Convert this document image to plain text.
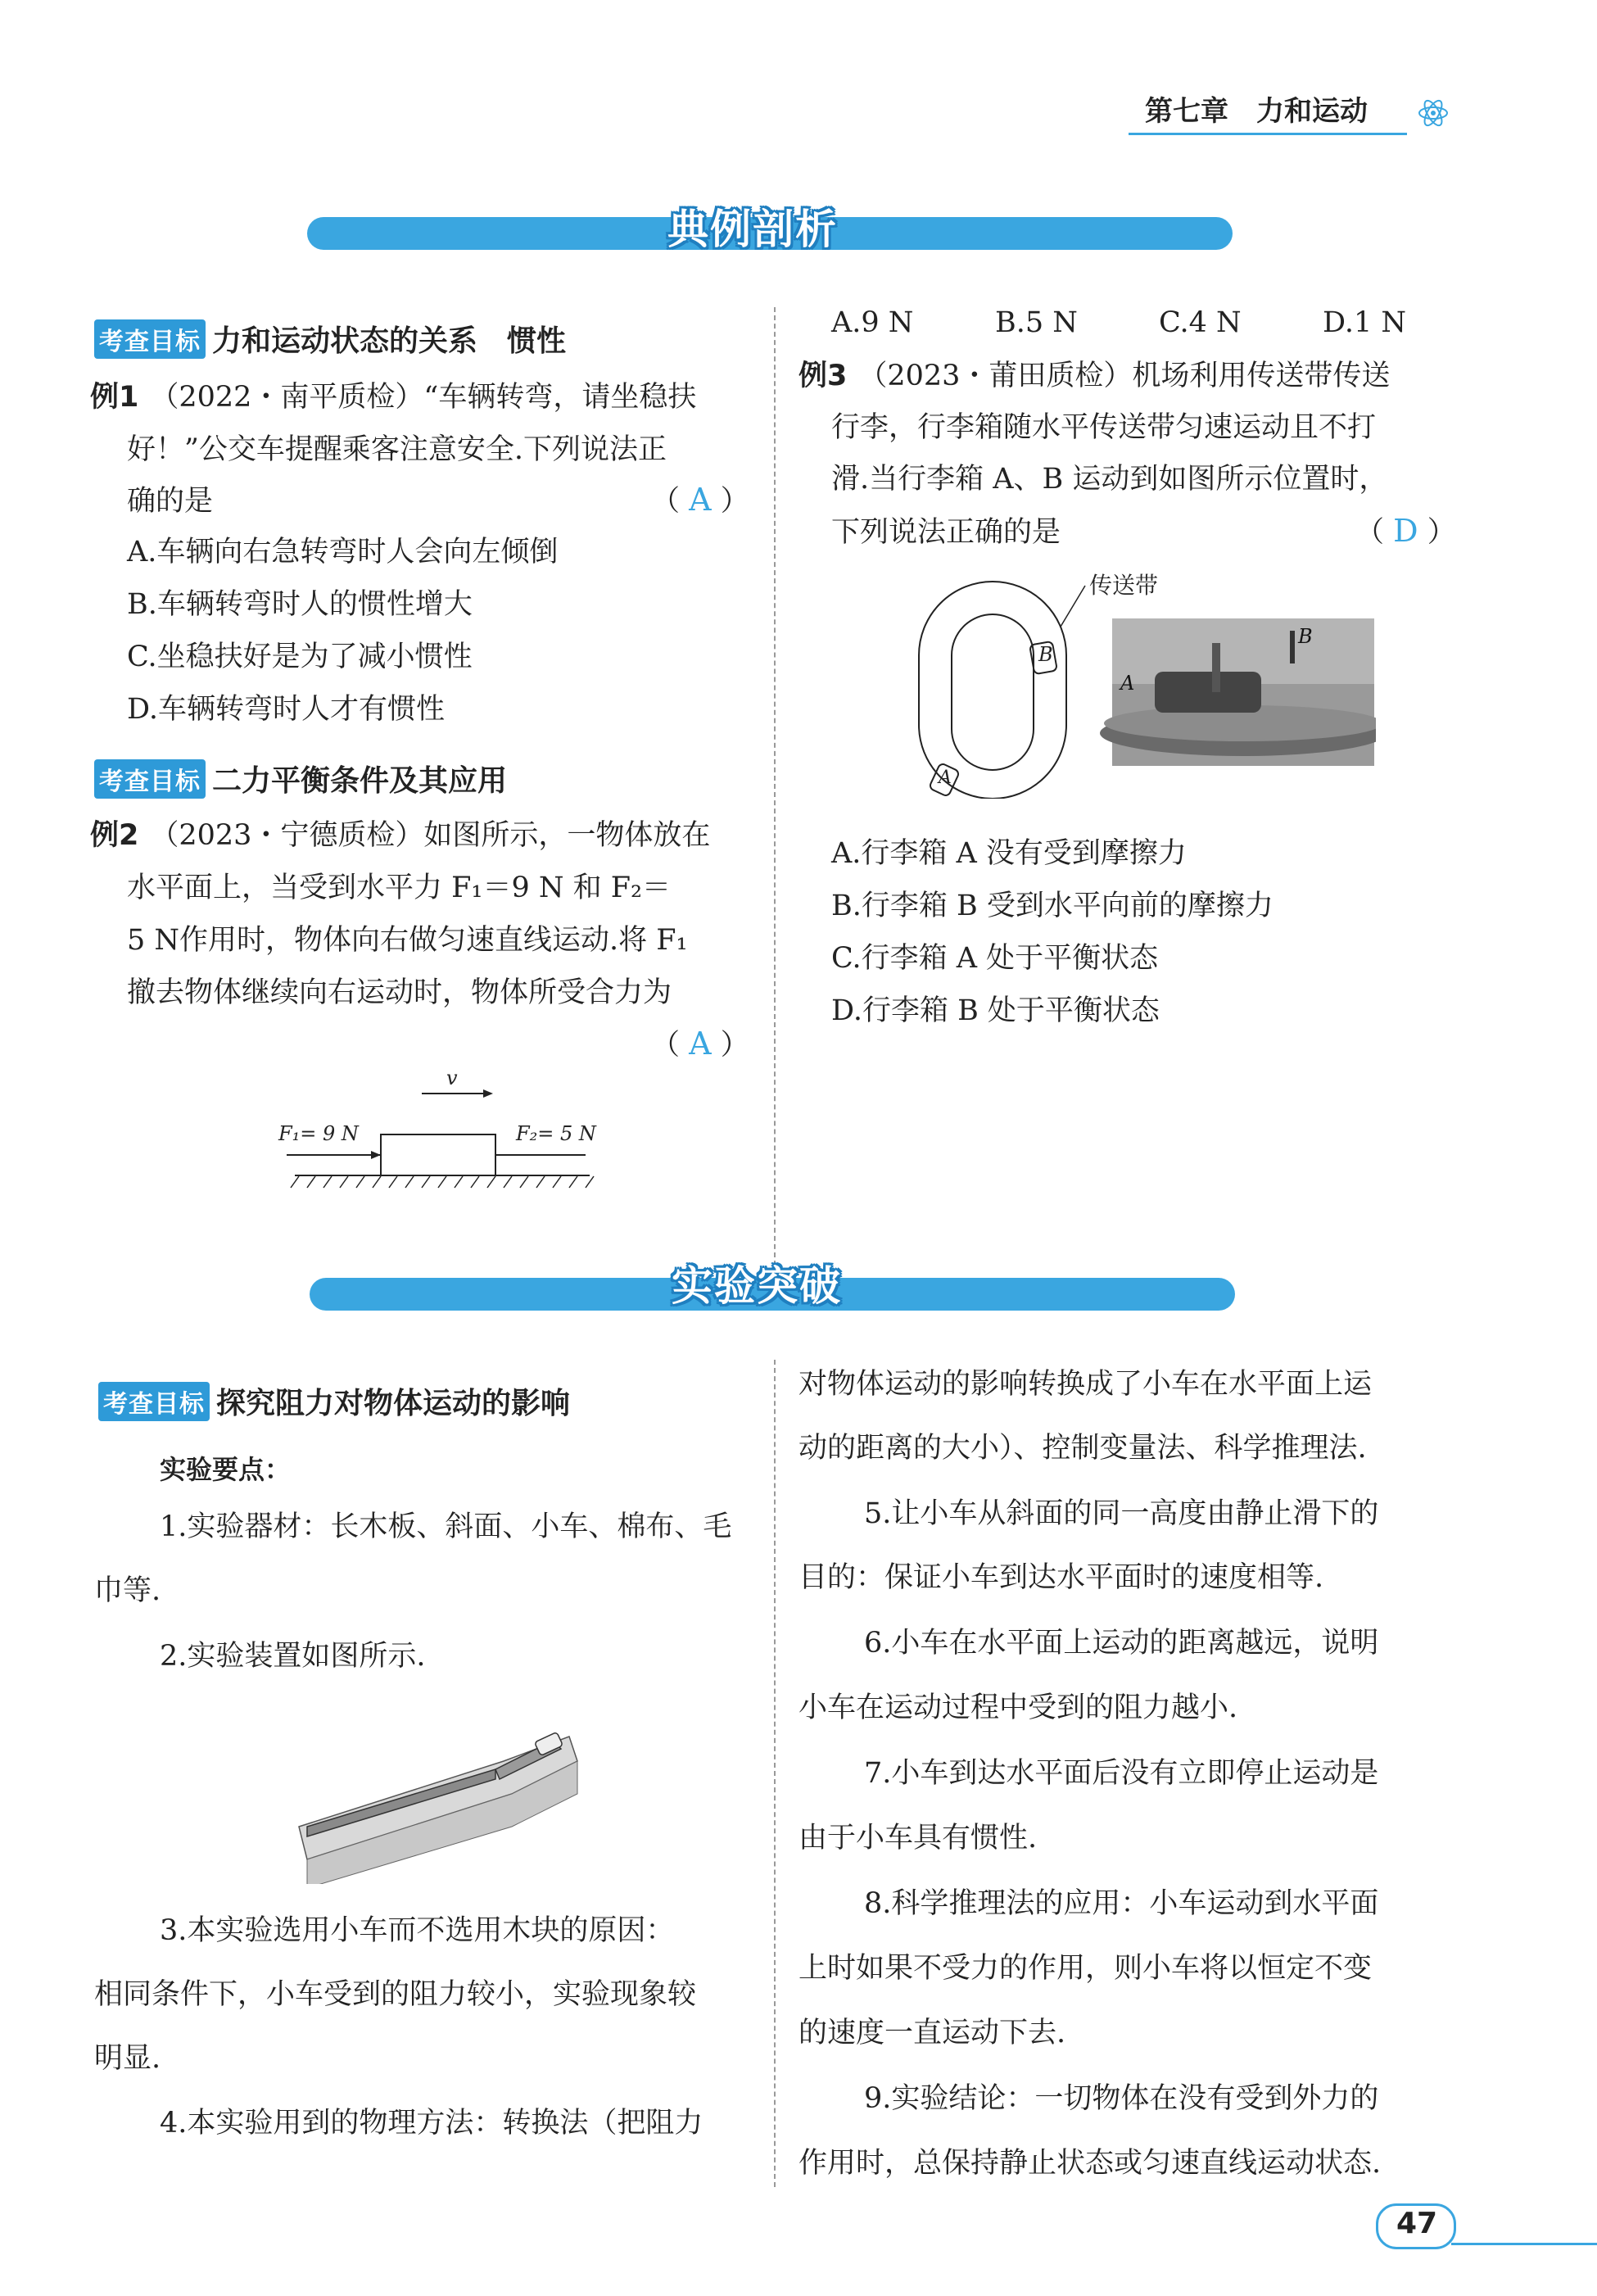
第七章　力和运动
典例剖析
考查目标 力和运动状态的关系　惯性
例1 （2022・南平质检）“车辆转弯，请坐稳扶
好！”公交车提醒乘客注意安全.下列说法正
确的是	（ A ）
A.车辆向右急转弯时人会向左倾倒
B.车辆转弯时人的惯性增大
C.坐稳扶好是为了减小惯性
D.车辆转弯时人才有惯性
考查目标 二力平衡条件及其应用
例2 （2023・宁德质检）如图所示，一物体放在
水平面上，当受到水平力 F₁＝9 N 和 F₂＝
5 N作用时，物体向右做匀速直线运动.将 F₁
撤去物体继续向右运动时，物体所受合力为
（ A ）
v
F₁= 9 N	F₂= 5 N
A.9 N	B.5 N	C.4 N	D.1 N
例3 （2023・莆田质检）机场利用传送带传送
行李，行李箱随水平传送带匀速运动且不打
滑.当行李箱 A、B 运动到如图所示位置时，
下列说法正确的是	（ D ）
传送带
B
A
B
A
A.行李箱 A 没有受到摩擦力
B.行李箱 B 受到水平向前的摩擦力
C.行李箱 A 处于平衡状态
D.行李箱 B 处于平衡状态
实验突破
考查目标 探究阻力对物体运动的影响
实验要点：
1.实验器材：长木板、斜面、小车、棉布、毛
巾等.
2.实验装置如图所示.
3.本实验选用小车而不选用木块的原因：
相同条件下，小车受到的阻力较小，实验现象较
明显.
4.本实验用到的物理方法：转换法（把阻力
对物体运动的影响转换成了小车在水平面上运
动的距离的大小）、控制变量法、科学推理法.
5.让小车从斜面的同一高度由静止滑下的
目的：保证小车到达水平面时的速度相等.
6.小车在水平面上运动的距离越远，说明
小车在运动过程中受到的阻力越小.
7.小车到达水平面后没有立即停止运动是
由于小车具有惯性.
8.科学推理法的应用：小车运动到水平面
上时如果不受力的作用，则小车将以恒定不变
的速度一直运动下去.
9.实验结论：一切物体在没有受到外力的
作用时，总保持静止状态或匀速直线运动状态.
47
